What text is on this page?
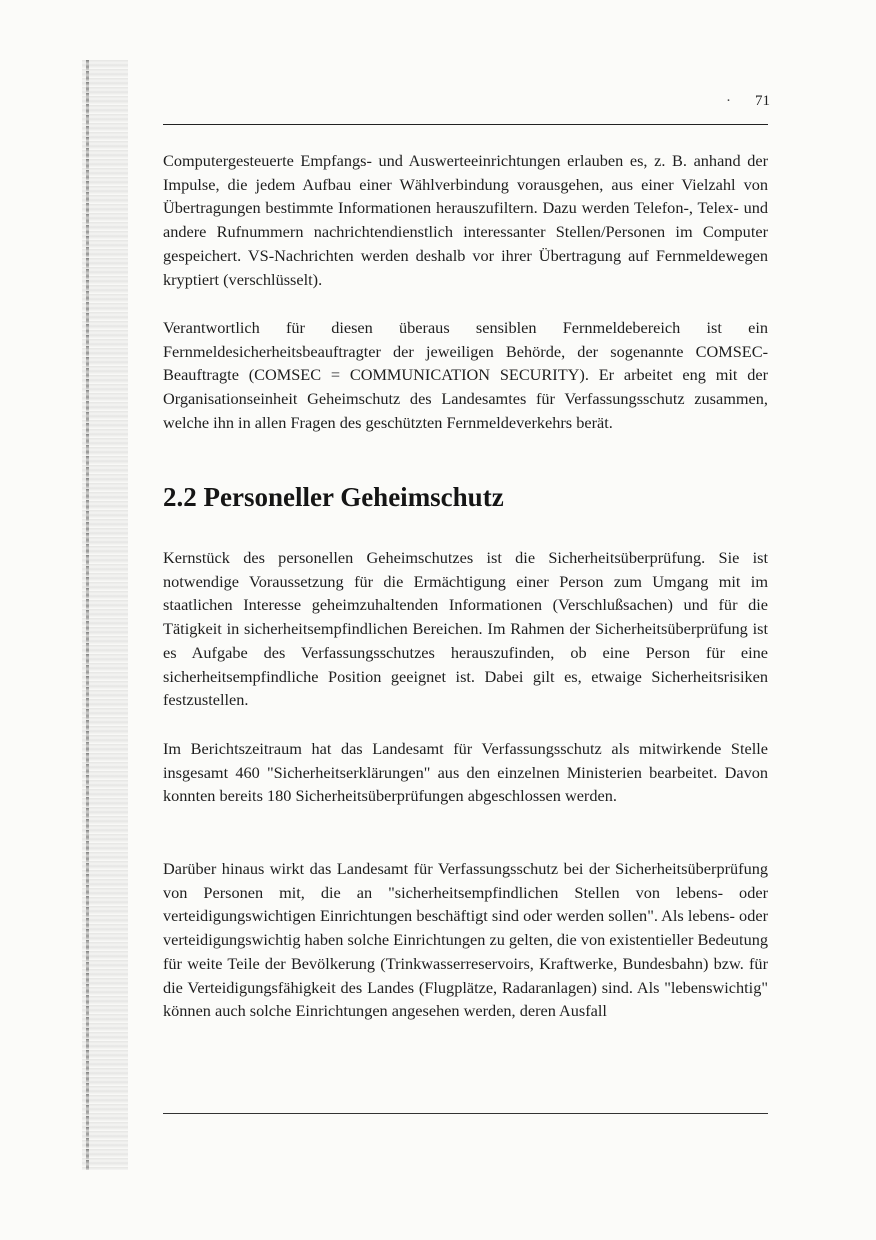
·	71

Computergesteuerte Empfangs- und Auswerteeinrichtungen erlauben es, z. B. anhand der Impulse, die jedem Aufbau einer Wählverbindung vorausgehen, aus einer Vielzahl von Übertragungen bestimmte Informationen herauszufiltern. Dazu werden Telefon-, Telex- und andere Rufnummern nachrichtendienstlich interessanter Stellen/Personen im Computer gespeichert. VS-Nachrichten werden deshalb vor ihrer Übertragung auf Fernmeldewegen kryptiert (verschlüsselt).

Verantwortlich für diesen überaus sensiblen Fernmeldebereich ist ein Fernmeldesicherheitsbeauftragter der jeweiligen Behörde, der sogenannte COMSEC-Beauftragte (COMSEC = COMMUNICATION SECURITY). Er arbeitet eng mit der Organisationseinheit Geheimschutz des Landesamtes für Verfassungsschutz zusammen, welche ihn in allen Fragen des geschützten Fernmeldeverkehrs berät.

2.2 Personeller Geheimschutz

Kernstück des personellen Geheimschutzes ist die Sicherheitsüberprüfung. Sie ist notwendige Voraussetzung für die Ermächtigung einer Person zum Umgang mit im staatlichen Interesse geheimzuhaltenden Informationen (Verschlußsachen) und für die Tätigkeit in sicherheitsempfindlichen Bereichen. Im Rahmen der Sicherheitsüberprüfung ist es Aufgabe des Verfassungsschutzes herauszufinden, ob eine Person für eine sicherheitsempfindliche Position geeignet ist. Dabei gilt es, etwaige Sicherheitsrisiken festzustellen.

Im Berichtszeitraum hat das Landesamt für Verfassungsschutz als mitwirkende Stelle insgesamt 460 "Sicherheitserklärungen" aus den einzelnen Ministerien bearbeitet. Davon konnten bereits 180 Sicherheitsüberprüfungen abgeschlossen werden.

Darüber hinaus wirkt das Landesamt für Verfassungsschutz bei der Sicherheitsüberprüfung von Personen mit, die an "sicherheitsempfindlichen Stellen von lebens- oder verteidigungswichtigen Einrichtungen beschäftigt sind oder werden sollen". Als lebens- oder verteidigungswichtig haben solche Einrichtungen zu gelten, die von existentieller Bedeutung für weite Teile der Bevölkerung (Trinkwasserreservoirs, Kraftwerke, Bundesbahn) bzw. für die Verteidigungsfähigkeit des Landes (Flugplätze, Radaranlagen) sind. Als "lebenswichtig" können auch solche Einrichtungen angesehen werden, deren Ausfall
